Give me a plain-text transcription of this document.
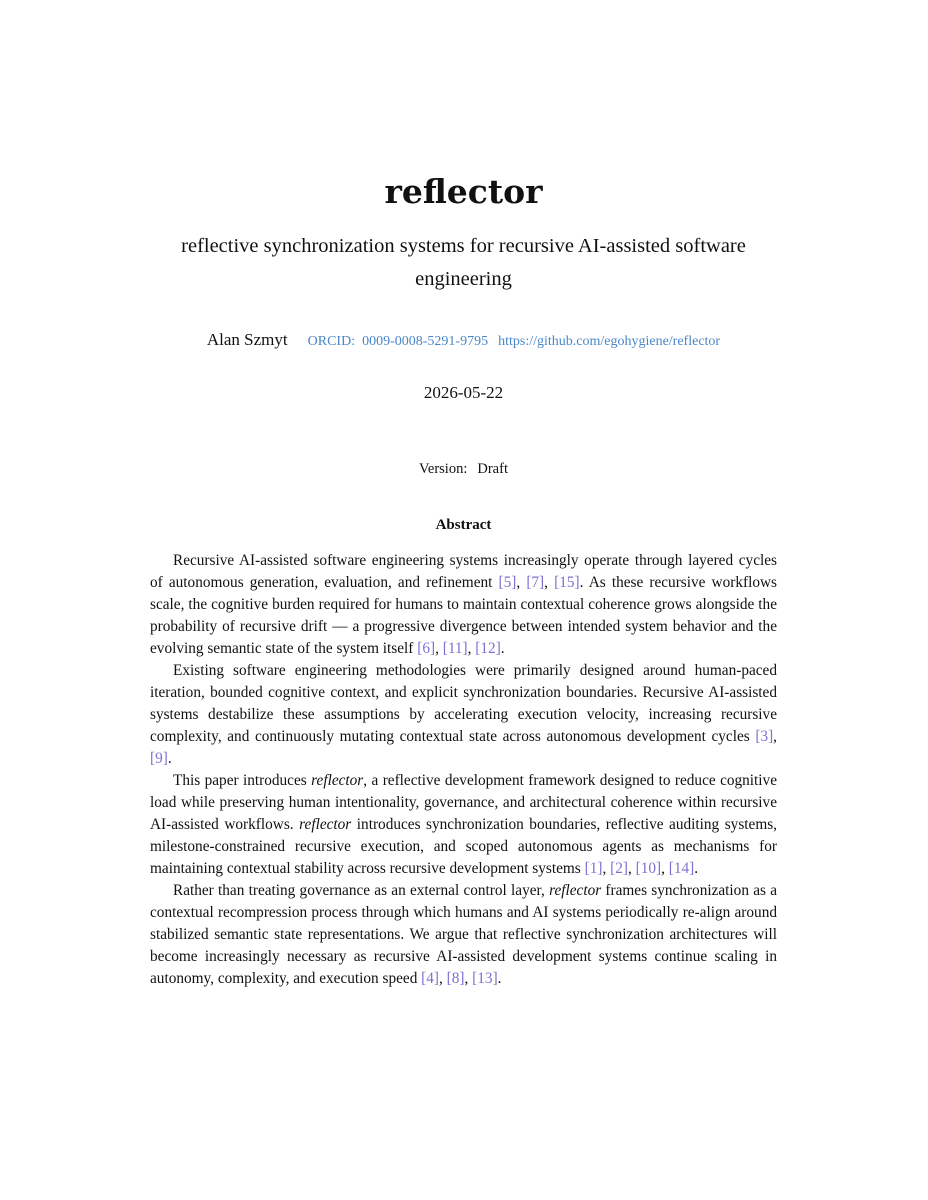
reflector
reflective synchronization systems for recursive AI-assisted software engineering
Alan Szmyt ORCID: 0009-0008-5291-9795 https://github.com/egohygiene/reflector
2026-05-22
Version: Draft
Abstract

Recursive AI-assisted software engineering systems increasingly operate through layered cycles of autonomous generation, evaluation, and refinement [5], [7], [15]. As these recursive workflows scale, the cognitive burden required for humans to maintain contextual coherence grows alongside the probability of recursive drift — a progressive divergence between intended system behavior and the evolving semantic state of the system itself [6], [11], [12].

Existing software engineering methodologies were primarily designed around human-paced iteration, bounded cognitive context, and explicit synchronization boundaries. Recursive AI-assisted systems destabilize these assumptions by accelerating execution velocity, increasing recursive complexity, and continuously mutating contextual state across autonomous development cycles [3], [9].

This paper introduces reflector, a reflective development framework designed to reduce cognitive load while preserving human intentionality, governance, and architectural coherence within recursive AI-assisted workflows. reflector introduces synchronization boundaries, reflective auditing systems, milestone-constrained recursive execution, and scoped autonomous agents as mechanisms for maintaining contextual stability across recursive development systems [1], [2], [10], [14].

Rather than treating governance as an external control layer, reflector frames synchronization as a contextual recompression process through which humans and AI systems periodically re-align around stabilized semantic state representations. We argue that reflective synchronization architectures will become increasingly necessary as recursive AI-assisted development systems continue scaling in autonomy, complexity, and execution speed [4], [8], [13].
